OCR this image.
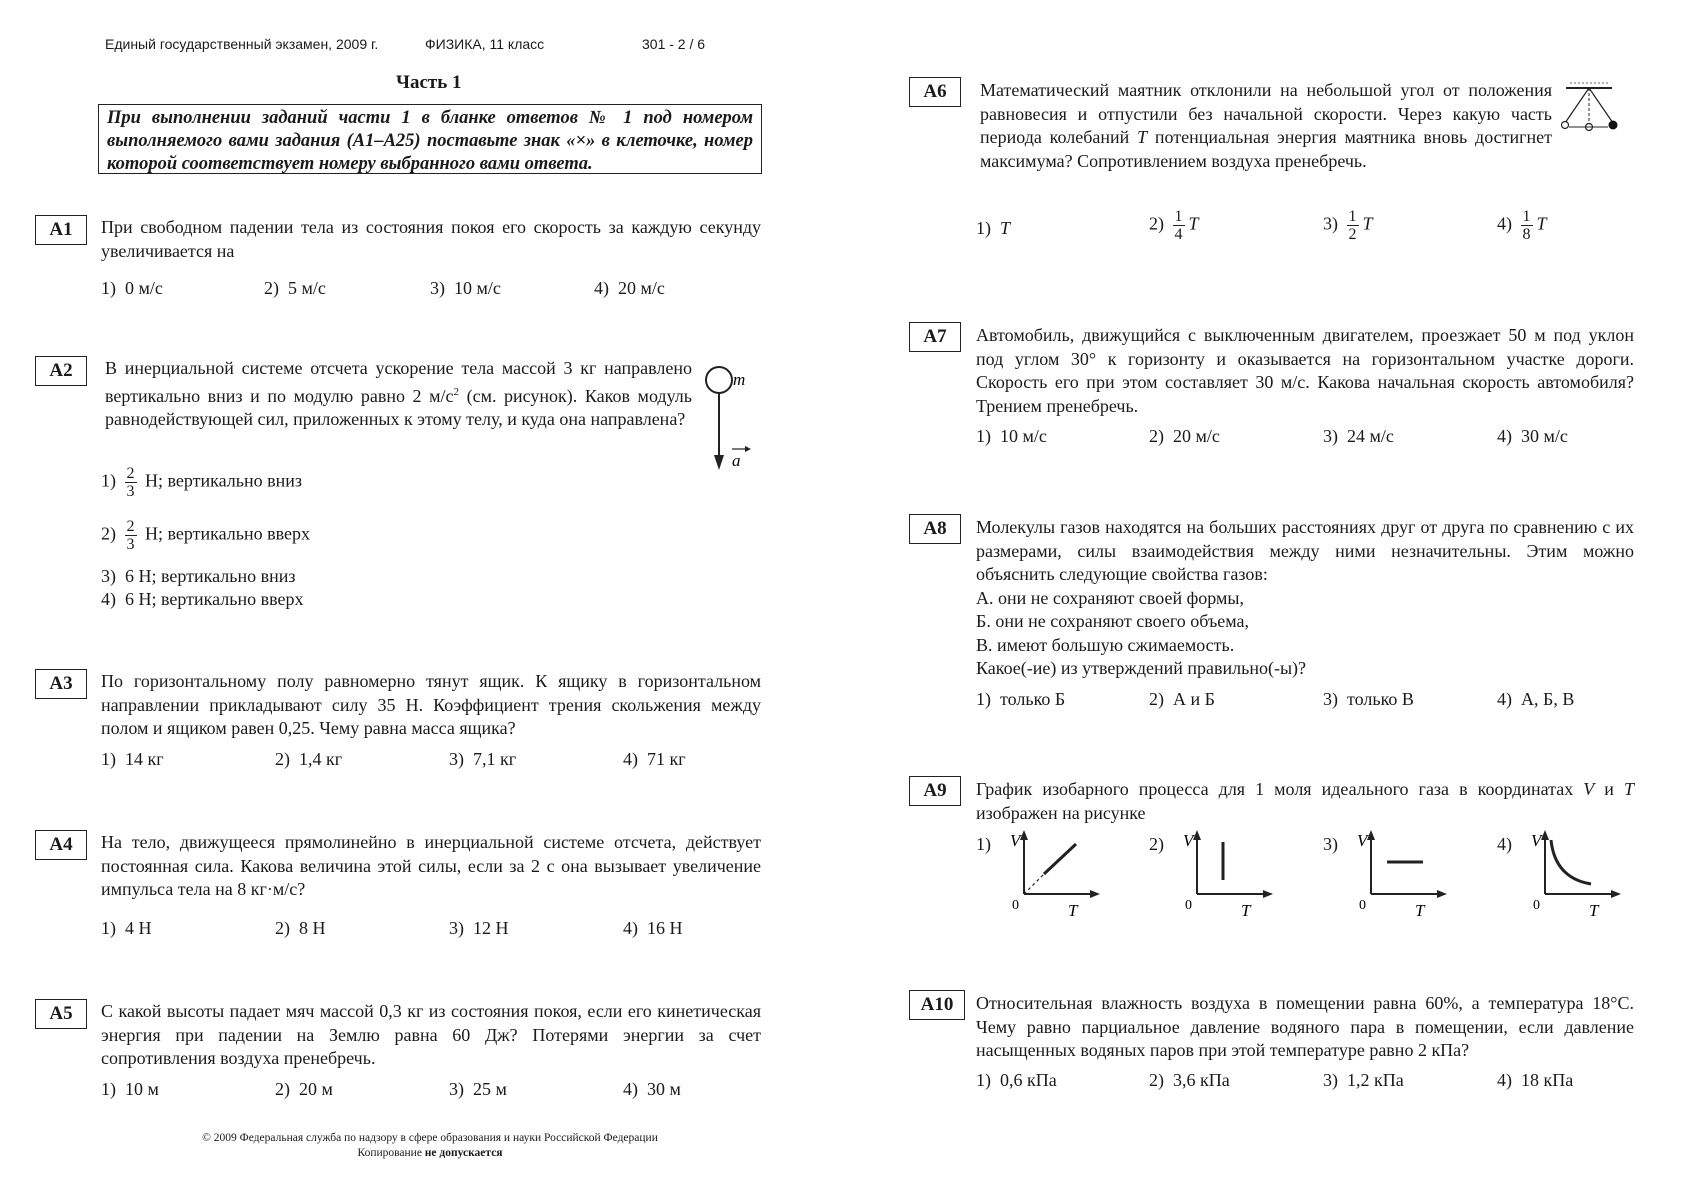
Единый государственный экзамен, 2009 г.	ФИЗИКА, 11 класс	301 - 2 / 6
Часть 1
При выполнении заданий части 1 в бланке ответов № 1 под номером выполняемого вами задания (А1–А25) поставьте знак «×» в клеточке, номер которой соответствует номеру выбранного вами ответа.
А1	При свободном падении тела из состояния покоя его скорость за каждую секунду увеличивается на
1) 0 м/с	2) 5 м/с	3) 10 м/с	4) 20 м/с
А2	В инерциальной системе отсчета ускорение тела массой 3 кг направлено вертикально вниз и по модулю равно 2 $м/с^2$ (см. рисунок). Каков модуль равнодействующей сил, приложенных к этому телу, и куда она направлена?
m
a
$1) \frac{2}{3} Н$; вертикально вниз
$2) \frac{2}{3} Н$; вертикально вверх
3) 6 Н; вертикально вниз
4) 6 Н; вертикально вверх
А3	По горизонтальному полу равномерно тянут ящик. К ящику в горизонтальном направлении прикладывают силу 35 Н. Коэффициент трения скольжения между полом и ящиком равен 0,25. Чему равна масса ящика?
1) 14 кг	2) 1,4 кг	3) 7,1 кг	4) 71 кг
А4	На тело, движущееся прямолинейно в инерциальной системе отсчета, действует постоянная сила. Какова величина этой силы, если за 2 с она вызывает увеличение импульса тела на 8 кг·м/с?
1) 4 Н	2) 8 Н	3) 12 Н	4) 16 Н
А5	С какой высоты падает мяч массой 0,3 кг из состояния покоя, если его кинетическая энергия при падении на Землю равна 60 Дж? Потерями энергии за счет сопротивления воздуха пренебречь.
1) 10 м	2) 20 м	3) 25 м	4) 30 м
© 2009 Федеральная служба по надзору в сфере образования и науки Российской Федерации
Копирование не допускается
А6	Математический маятник отклонили на небольшой угол от положения равновесия и отпустили без начальной скорости. Через какую часть периода колебаний T потенциальная энергия маятника вновь достигнет максимума? Сопротивлением воздуха пренебречь.
1) T	$2) \frac{1}{4}$ T	$3) \frac{1}{2}$ T	$4) \frac{1}{8}$ T
А7	Автомобиль, движущийся с выключенным двигателем, проезжает 50 м под уклон под углом 30° к горизонту и оказывается на горизонтальном участке дороги. Скорость его при этом составляет 30 м/с. Какова начальная скорость автомобиля? Трением пренебречь.
1) 10 м/с	2) 20 м/с	3) 24 м/с	4) 30 м/с
А8	Молекулы газов находятся на больших расстояниях друг от друга по сравнению с их размерами, силы взаимодействия между ними незначительны. Этим можно объяснить следующие свойства газов:

А. они не сохраняют своей формы,

Б. они не сохраняют своего объема,

В. имеют большую сжимаемость.

Какое(-ие) из утверждений правильно(-ы)?

1) только Б	2) А и Б	3) только В	4) А, Б, В
А9	График изобарного процесса для 1 моля идеального газа в координатах V и T изображен на рисунке
1) V
0	T
2) V
0	T
3) V
0	T
4) V
0	T
А10	Относительная влажность воздуха в помещении равна 60%, а температура 18°С. Чему равно парциальное давление водяного пара в помещении, если давление насыщенных водяных паров при этой температуре равно 2 кПа?
1) 0,6 кПа	2) 3,6 кПа	3) 1,2 кПа	4) 18 кПа
